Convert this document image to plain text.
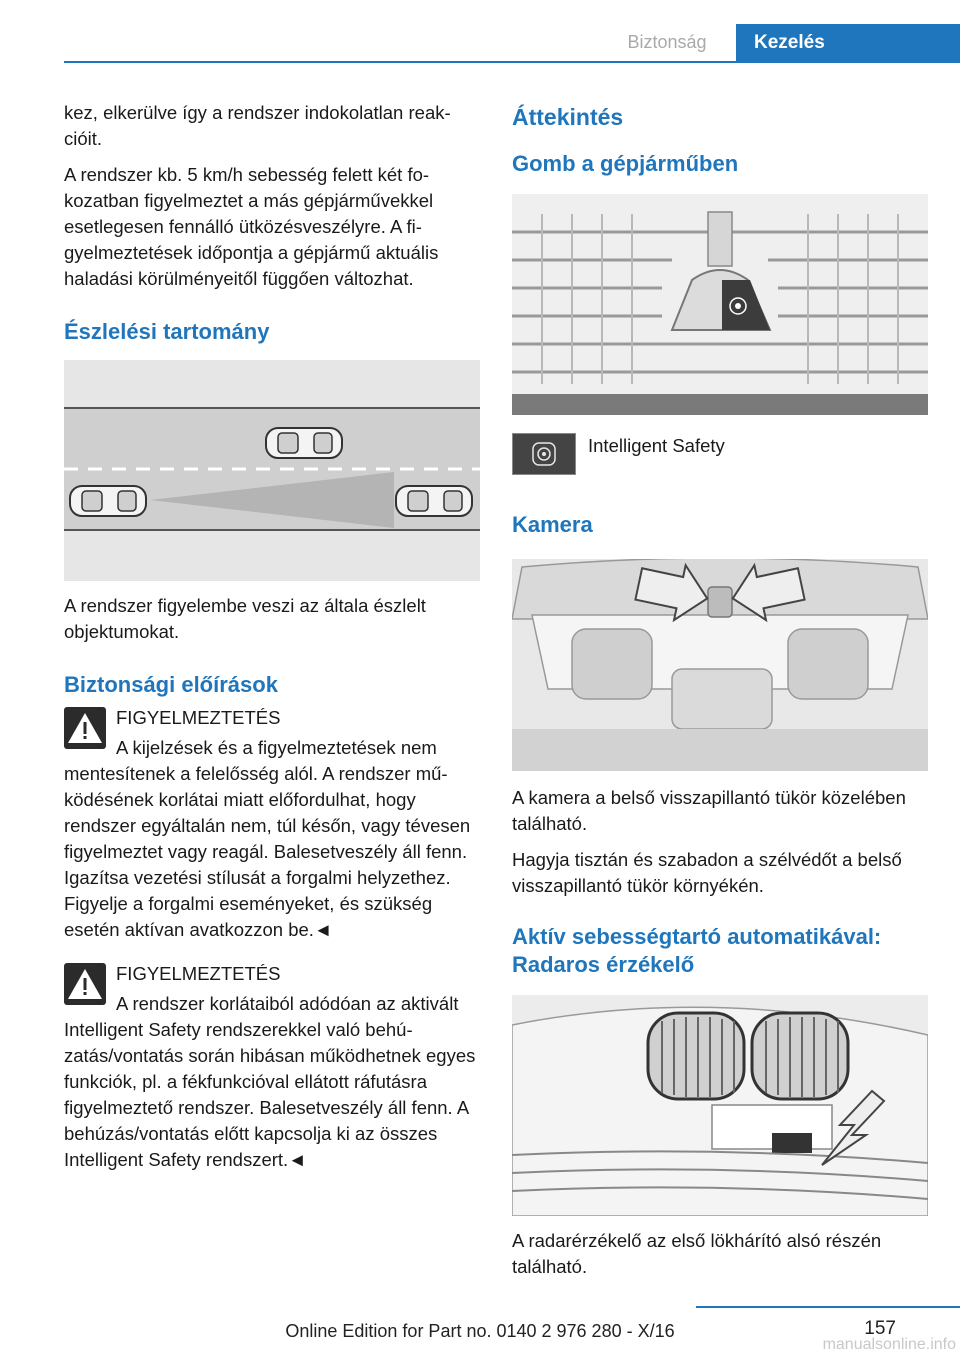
Biztonság	Kezelés

kez, elkerülve így a rendszer indokolatlan reakcióit.

A rendszer kb. 5 km/h sebesség felett két fokozatban figyelmeztet a más gépjárművekkel esetlegesen fennálló ütközésveszélyre. A figyelmeztetések időpontja a gépjármű aktuális haladási körülményeitől függően változhat.

Észlelési tartomány

A rendszer figyelembe veszi az általa észlelt objektumokat.

Biztonsági előírások

FIGYELMEZTETÉS

A kijelzések és a figyelmeztetések nem mentesítenek a felelősség alól. A rendszer működésének korlátai miatt előfordulhat, hogy rendszer egyáltalán nem, túl későn, vagy tévesen figyelmeztet vagy reagál. Balesetveszély áll fenn. Igazítsa vezetési stílusát a forgalmi helyzethez. Figyelje a forgalmi eseményeket, és szükség esetén aktívan avatkozzon be.◄

FIGYELMEZTETÉS

A rendszer korlátaiból adódóan az aktivált Intelligent Safety rendszerekkel való behúzatás/vontatás során hibásan működhetnek egyes funkciók, pl. a fékfunkcióval ellátott ráfutásra figyelmeztető rendszer. Balesetveszély áll fenn. A behúzás/vontatás előtt kapcsolja ki az összes Intelligent Safety rendszert.◄

Áttekintés
Gomb a gépjárműben
Intelligent Safety
Kamera

A kamera a belső visszapillantó tükör közelében található.

Hagyja tisztán és szabadon a szélvédőt a belső visszapillantó tükör környékén.

Aktív sebességtartó automatikával:
Radaros érzékelő

A radarérzékelő az első lökhárító alsó részén található.

157
Online Edition for Part no. 0140 2 976 280 - X/16
manualsonline.info
